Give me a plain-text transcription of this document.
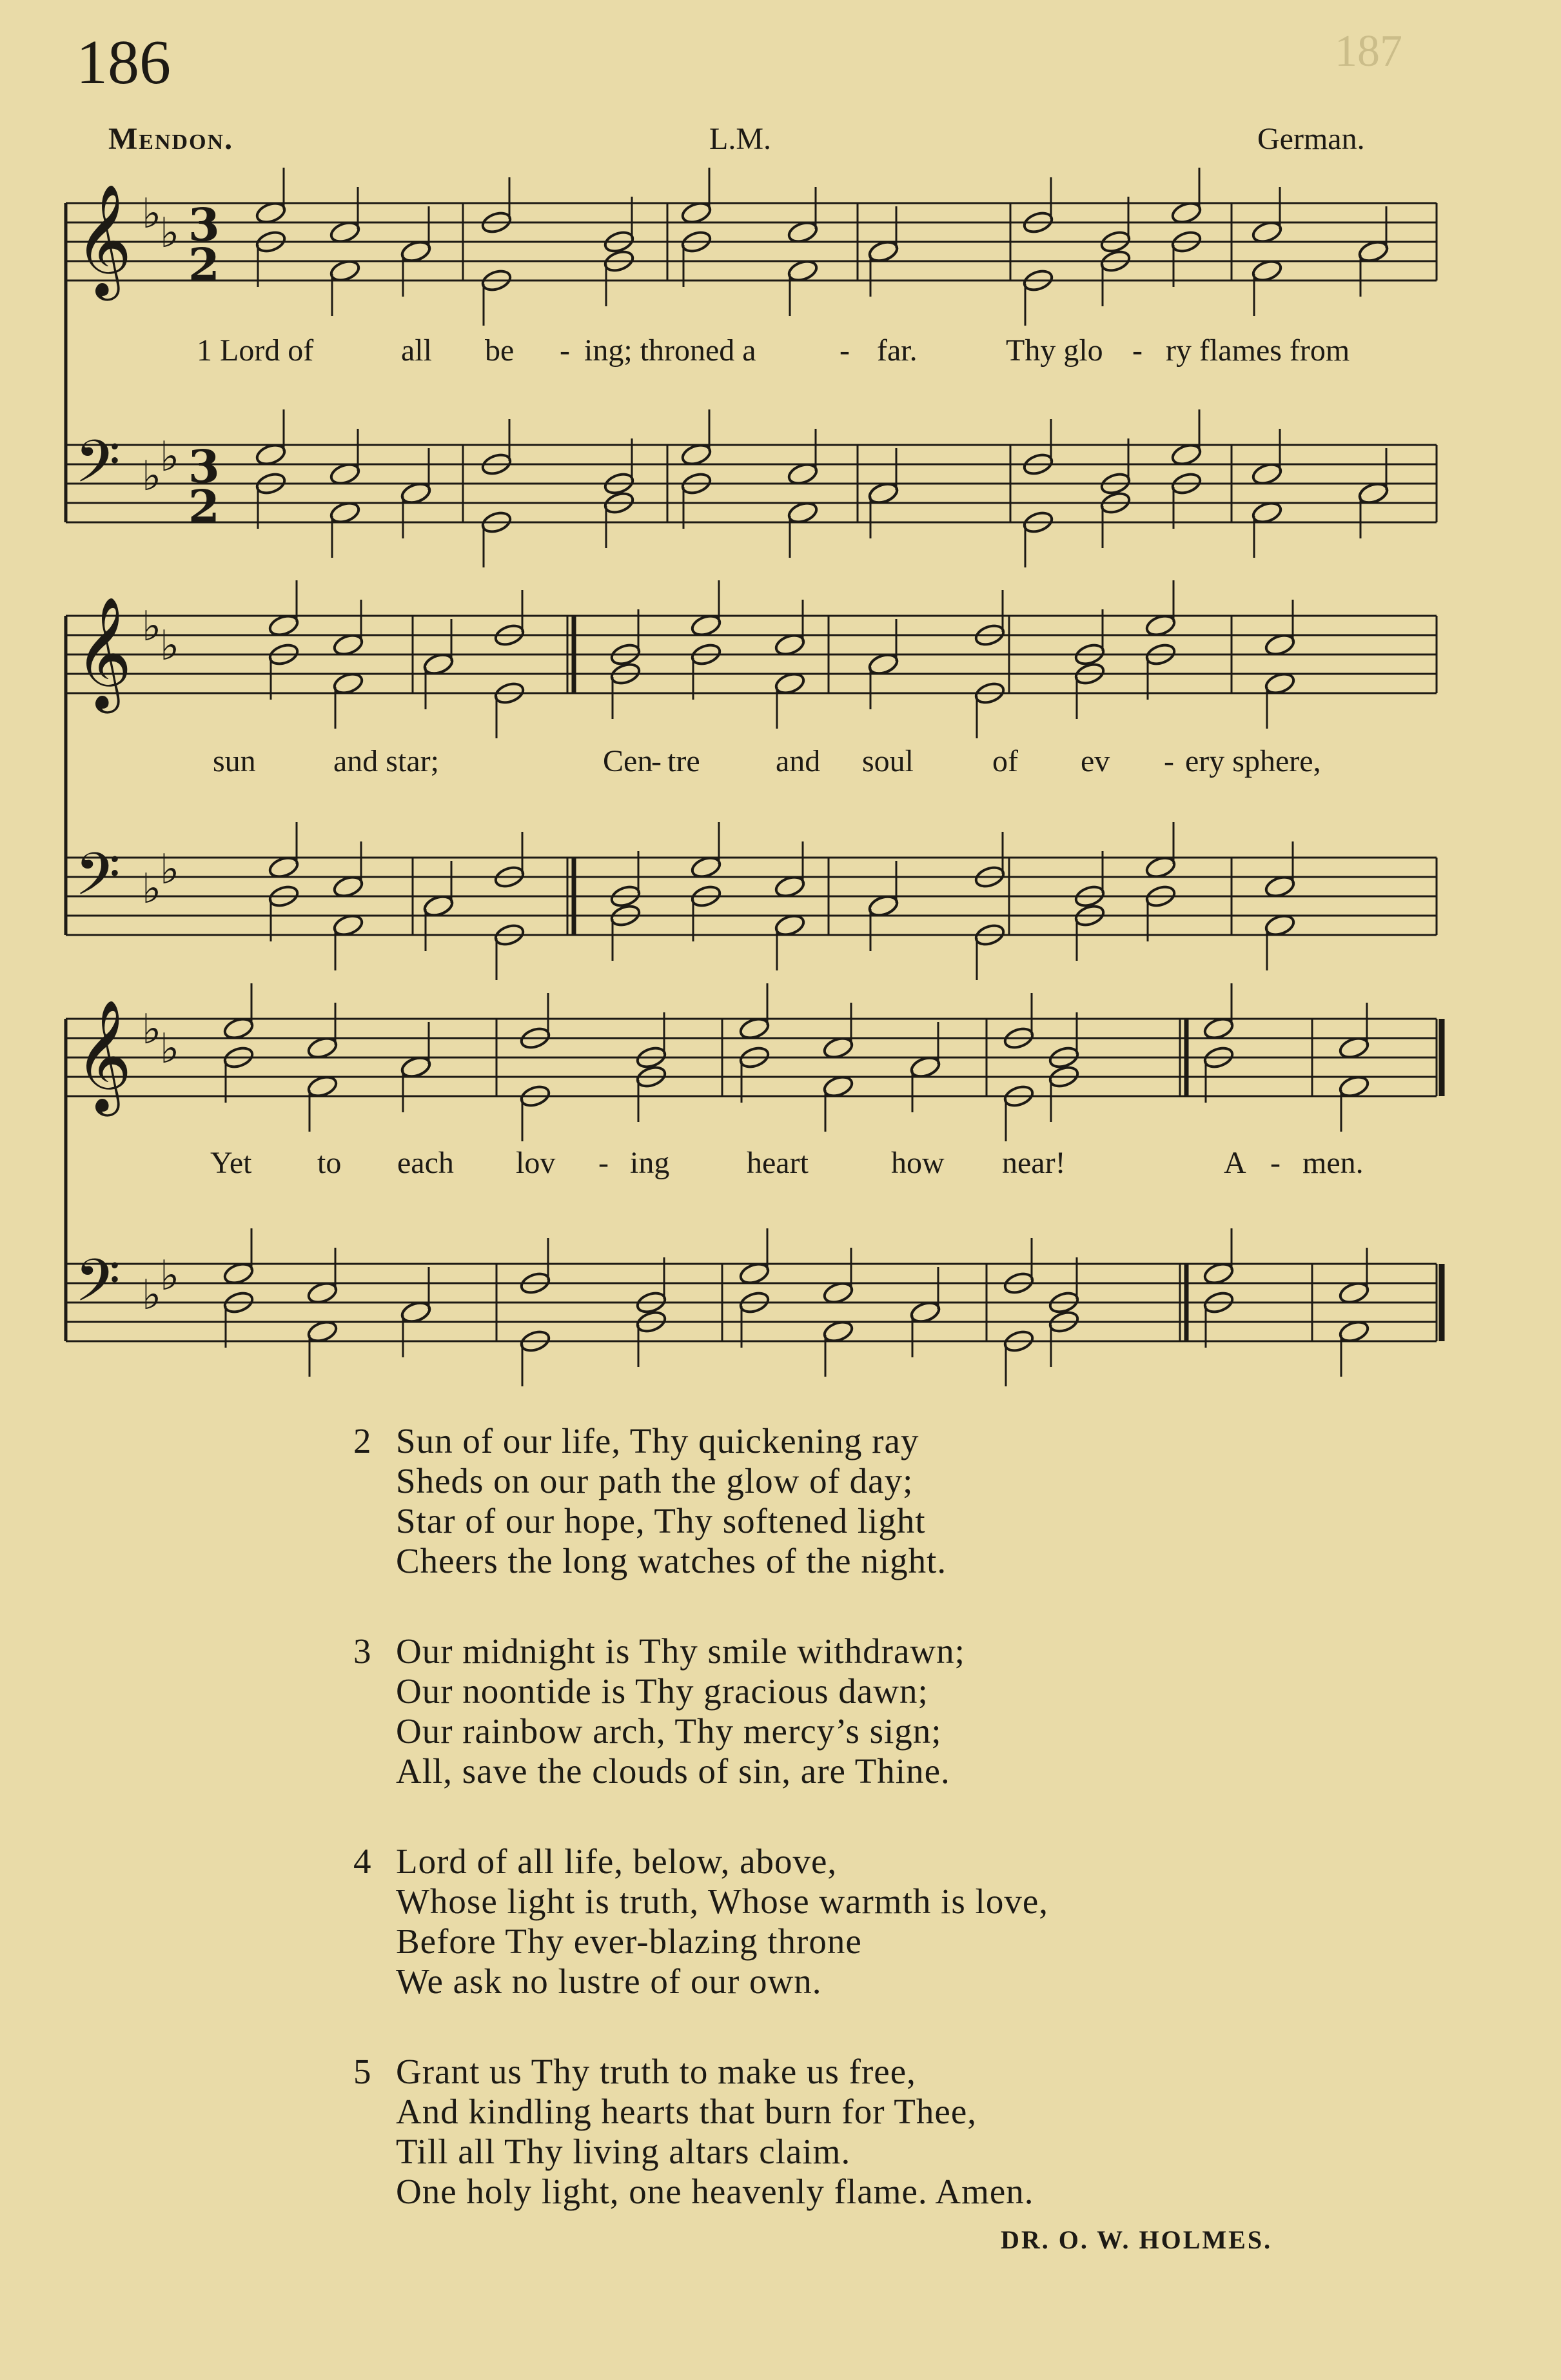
187
186
Mendon.	L.M.	German.
𝄞 ♭
♭ 3
2
𝄢 ♭
♭ 3
2
𝄞 ♭
♭
𝄢 ♭
♭
𝄞 ♭
♭
𝄢 ♭
♭
1 Lord of	all be - ing; throned a	- far.	Thy glo - ry flames from
sun	and star;	Cen
- tre and soul	of ev - ery sphere,
Yet to each lov - ing heart	how near!	A - men.
2 Sun of our life, Thy quickening ray
Sheds on our path the glow of day;
Star of our hope, Thy softened light
Cheers the long watches of the night.
3 Our midnight is Thy smile withdrawn;
Our noontide is Thy gracious dawn;
Our rainbow arch, Thy mercy’s sign;
All, save the clouds of sin, are Thine.
4 Lord of all life, below, above,
Whose light is truth, Whose warmth is love,
Before Thy ever-blazing throne
We ask no lustre of our own.
5 Grant us Thy truth to make us free,
And kindling hearts that burn for Thee,
Till all Thy living altars claim.
One holy light, one heavenly flame. Amen.
DR. O. W. HOLMES.
